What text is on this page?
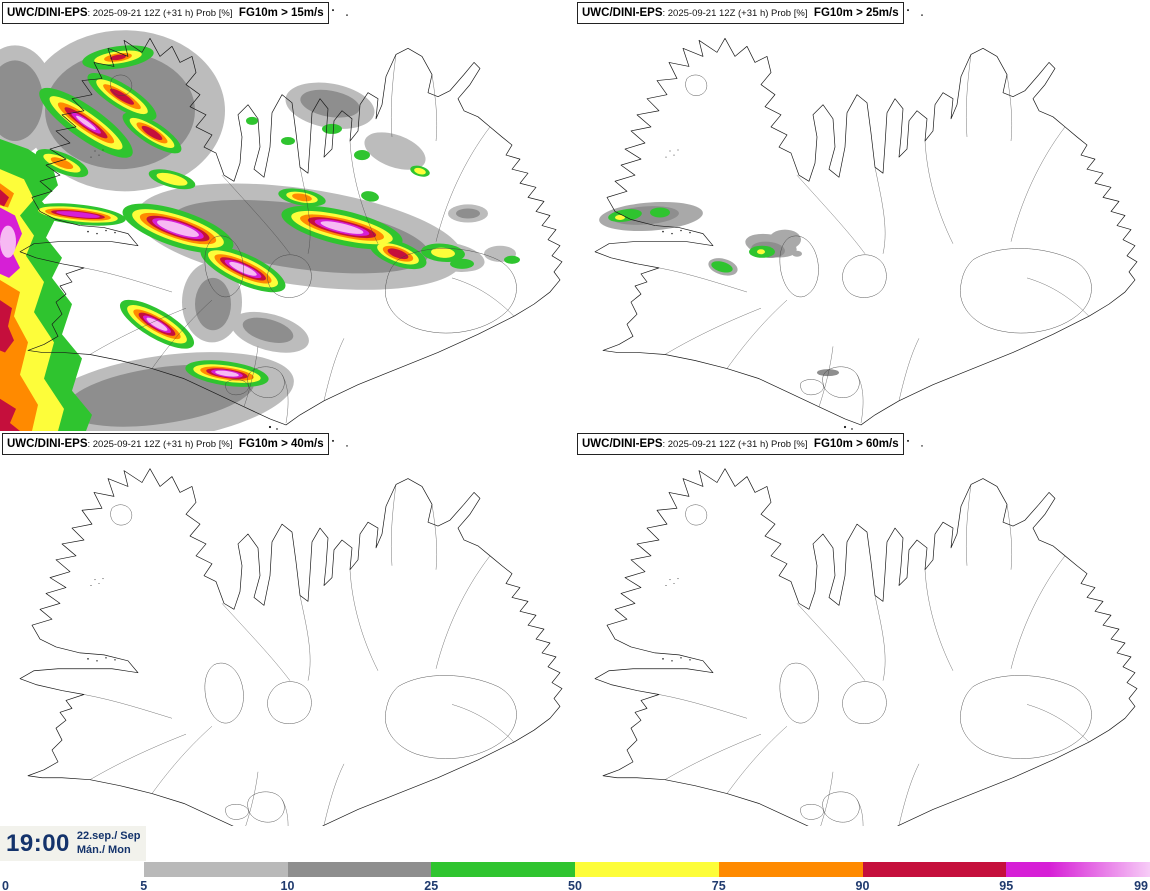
UWC/DINI-EPS: 2025-09-21 12Z (+31 h) Prob [%] FG10m > 15m/s	UWC/DINI-EPS: 2025-09-21 12Z (+31 h) Prob [%] FG10m > 25m/s
UWC/DINI-EPS: 2025-09-21 12Z (+31 h) Prob [%] FG10m > 40m/s	UWC/DINI-EPS: 2025-09-21 12Z (+31 h) Prob [%] FG10m > 60m/s
19:00 22.sep./ Sep
Mán./ Mon
0	5	10	25	50	75	90	95	99
